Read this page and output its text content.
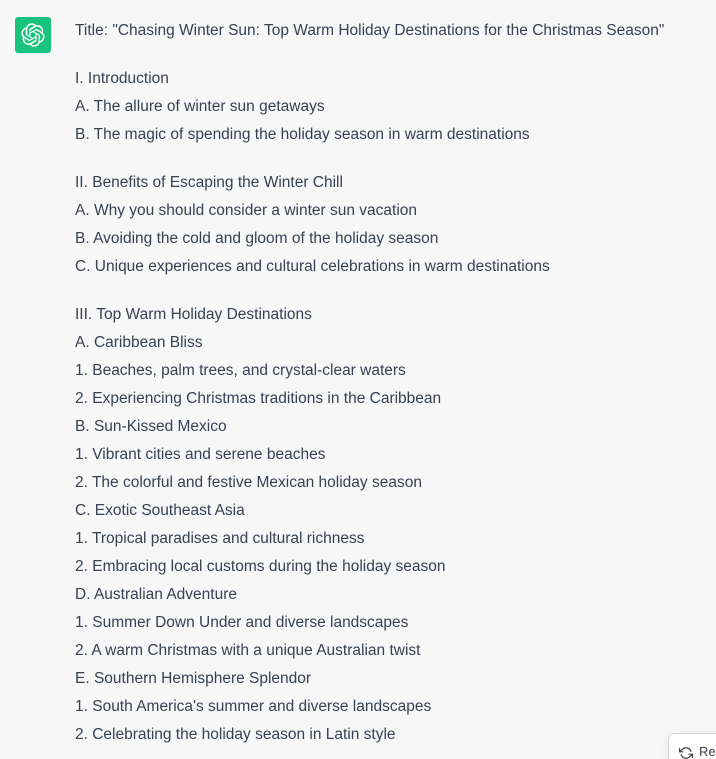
Title: "Chasing Winter Sun: Top Warm Holiday Destinations for the Christmas Season"

I. Introduction

A. The allure of winter sun getaways

B. The magic of spending the holiday season in warm destinations

II. Benefits of Escaping the Winter Chill

A. Why you should consider a winter sun vacation

B. Avoiding the cold and gloom of the holiday season

C. Unique experiences and cultural celebrations in warm destinations

III. Top Warm Holiday Destinations

A. Caribbean Bliss

1. Beaches, palm trees, and crystal-clear waters

2. Experiencing Christmas traditions in the Caribbean

B. Sun-Kissed Mexico

1. Vibrant cities and serene beaches

2. The colorful and festive Mexican holiday season

C. Exotic Southeast Asia

1. Tropical paradises and cultural richness

2. Embracing local customs during the holiday season

D. Australian Adventure

1. Summer Down Under and diverse landscapes

2. A warm Christmas with a unique Australian twist

E. Southern Hemisphere Splendor

1. South America's summer and diverse landscapes

2. Celebrating the holiday season in Latin style

Re
